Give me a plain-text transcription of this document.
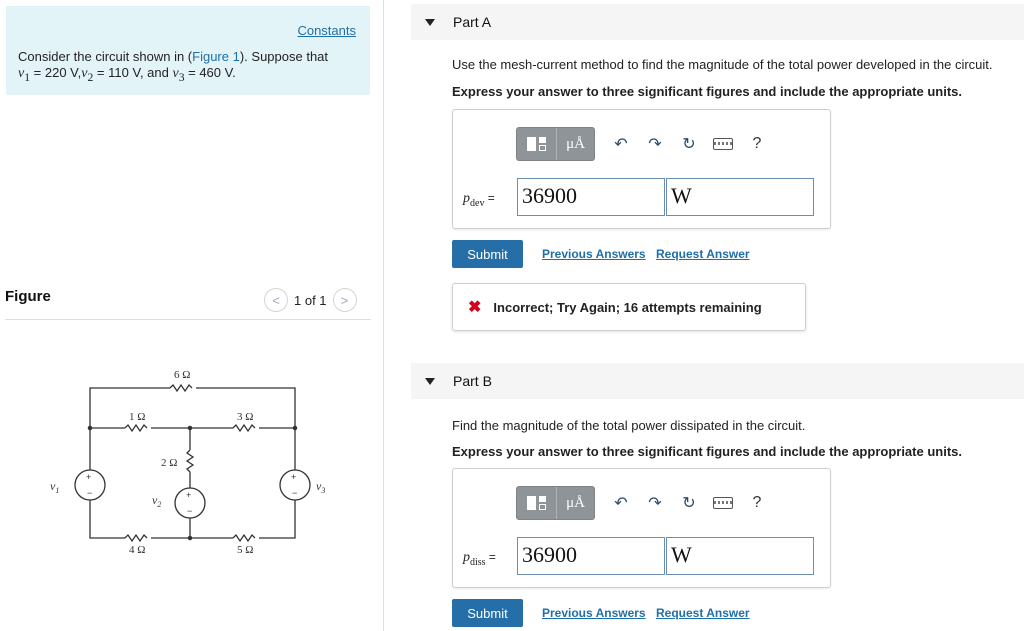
Constants
Consider the circuit shown in (Figure 1). Suppose that
$v_1 = 220$ $V,v_2 = 110$ V, and $v_3 = 460$ V.
Figure	<	1 of 1	>
+
−	+
−
+
−
6 Ω
1 Ω	3 Ω
2 Ω
4 Ω	5 Ω
$v_1$
$v_2$
$v_3$
Part A
Use the mesh-current method to find the magnitude of the total power developed in the circuit.
Express your answer to three significant figures and include the appropriate units.
μÅ	↶	↷	↻	?
$p_{dev} = 36900$	W
Submit	Previous Answers Request Answer
✖ Incorrect; Try Again; 16 attempts remaining
Part B
Find the magnitude of the total power dissipated in the circuit.
Express your answer to three significant figures and include the appropriate units.
μÅ	↶	↷	↻	?
$p_{diss} = 36900$	W
Submit	Previous Answers Request Answer
